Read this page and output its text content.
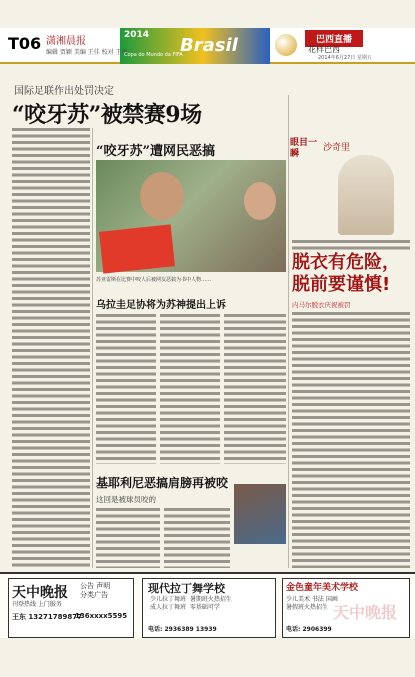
T06 潇湘晨报
编辑 贾颖 美编 王佳 校对 王勇
2014 Brasil
Copa do Mundo da FIFA
巴西直播
花样巴西
2014年6月27日 星期五
国际足联作出处罚决定
“咬牙苏”被禁赛9场
“咬牙苏”遭网民恶搞
苏亚雷斯在比赛中咬人后被网友恶搞为书中人物……
乌拉圭足协将为苏神提出上诉
基耶利尼恶搞肩膀再被咬
这回是被球员咬的
眼目一瞬
沙奇里
脱衣有危险，脱前要谨慎!
内马尔脱衣庆祝被罚
天中晚报 公告 声明
分类广告
刊登热线 上门服务
王东 13271789877
136xxxx5595
现代拉丁舞学校
少儿拉丁舞班  暑期班火热招生
成人拉丁舞班  零基础可学
电话: 2936389 13939
金色童年美术学校
少儿美术 书法 国画
暑假班火热招生
电话: 2906399
天中晚报
